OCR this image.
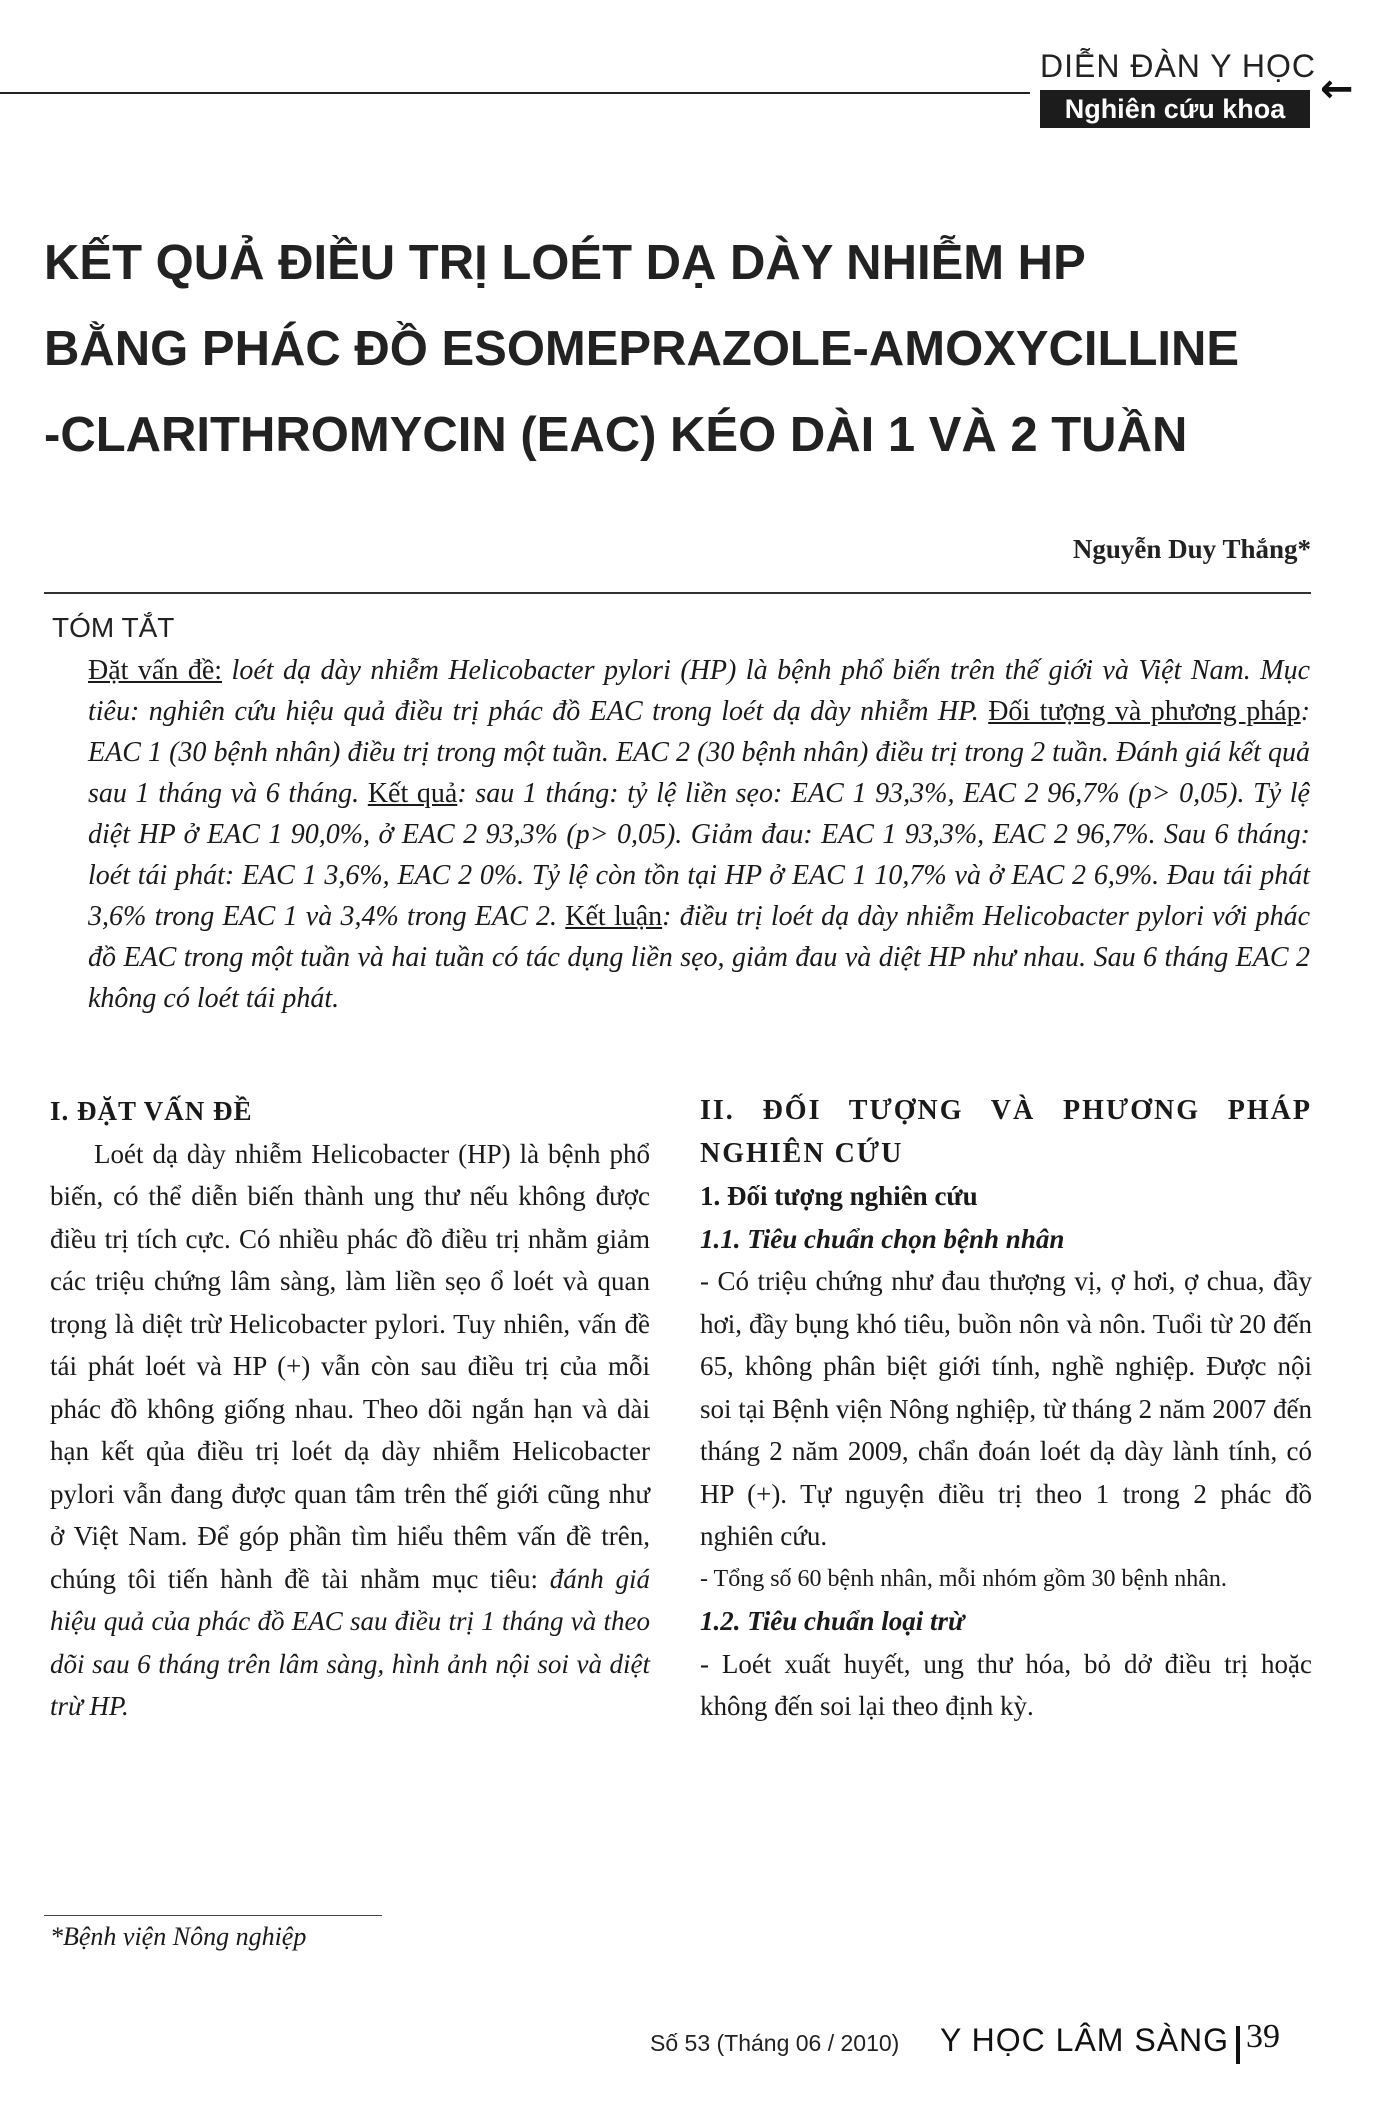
DIỄN ĐÀN Y HỌC
Nghiên cứu khoa học
←
KẾT QUẢ ĐIỀU TRỊ LOÉT DẠ DÀY NHIỄM HP
BẰNG PHÁC ĐỒ ESOMEPRAZOLE-AMOXYCILLINE
-CLARITHROMYCIN (EAC) KÉO DÀI 1 VÀ 2 TUẦN
Nguyễn Duy Thắng*
TÓM TẮT
Đặt vấn đề: loét dạ dày nhiễm Helicobacter pylori (HP) là bệnh phổ biến trên thế giới và Việt Nam. Mục tiêu: nghiên cứu hiệu quả điều trị phác đồ EAC trong loét dạ dày nhiễm HP. Đối tượng và phương pháp: EAC 1 (30 bệnh nhân) điều trị trong một tuần. EAC 2 (30 bệnh nhân) điều trị trong 2 tuần. Đánh giá kết quả sau 1 tháng và 6 tháng. Kết quả: sau 1 tháng: tỷ lệ liền sẹo: EAC 1 93,3%, EAC 2 96,7% (p> 0,05). Tỷ lệ diệt HP ở EAC 1 90,0%, ở EAC 2 93,3% (p> 0,05). Giảm đau: EAC 1 93,3%, EAC 2 96,7%. Sau 6 tháng: loét tái phát: EAC 1 3,6%, EAC 2 0%. Tỷ lệ còn tồn tại HP ở EAC 1 10,7% và ở EAC 2 6,9%. Đau tái phát 3,6% trong EAC 1 và 3,4% trong EAC 2. Kết luận: điều trị loét dạ dày nhiễm Helicobacter pylori với phác đồ EAC trong một tuần và hai tuần có tác dụng liền sẹo, giảm đau và diệt HP như nhau. Sau 6 tháng EAC 2 không có loét tái phát.
I. ĐẶT VẤN ĐỀ

Loét dạ dày nhiễm Helicobacter (HP) là bệnh phổ biến, có thể diễn biến thành ung thư nếu không được điều trị tích cực. Có nhiều phác đồ điều trị nhằm giảm các triệu chứng lâm sàng, làm liền sẹo ổ loét và quan trọng là diệt trừ Helicobacter pylori. Tuy nhiên, vấn đề tái phát loét và HP (+) vẫn còn sau điều trị của mỗi phác đồ không giống nhau. Theo dõi ngắn hạn và dài hạn kết qủa điều trị loét dạ dày nhiễm Helicobacter pylori vẫn đang được quan tâm trên thế giới cũng như ở Việt Nam. Để góp phần tìm hiểu thêm vấn đề trên, chúng tôi tiến hành đề tài nhằm mục tiêu: đánh giá hiệu quả của phác đồ EAC sau điều trị 1 tháng và theo dõi sau 6 tháng trên lâm sàng, hình ảnh nội soi và diệt trừ HP.

II. ĐỐI TƯỢNG VÀ PHƯƠNG PHÁP
NGHIÊN CỨU
1. Đối tượng nghiên cứu
1.1. Tiêu chuẩn chọn bệnh nhân

- Có triệu chứng như đau thượng vị, ợ hơi, ợ chua, đầy hơi, đầy bụng khó tiêu, buồn nôn và nôn. Tuổi từ 20 đến 65, không phân biệt giới tính, nghề nghiệp. Được nội soi tại Bệnh viện Nông nghiệp, từ tháng 2 năm 2007 đến tháng 2 năm 2009, chẩn đoán loét dạ dày lành tính, có HP (+). Tự nguyện điều trị theo 1 trong 2 phác đồ nghiên cứu.

- Tổng số 60 bệnh nhân, mỗi nhóm gồm 30 bệnh nhân.

1.2. Tiêu chuẩn loại trừ

- Loét xuất huyết, ung thư hóa, bỏ dở điều trị hoặc không đến soi lại theo định kỳ.

*Bệnh viện Nông nghiệp
Số 53 (Tháng 06 / 2010) Y HỌC LÂM SÀNG 39
